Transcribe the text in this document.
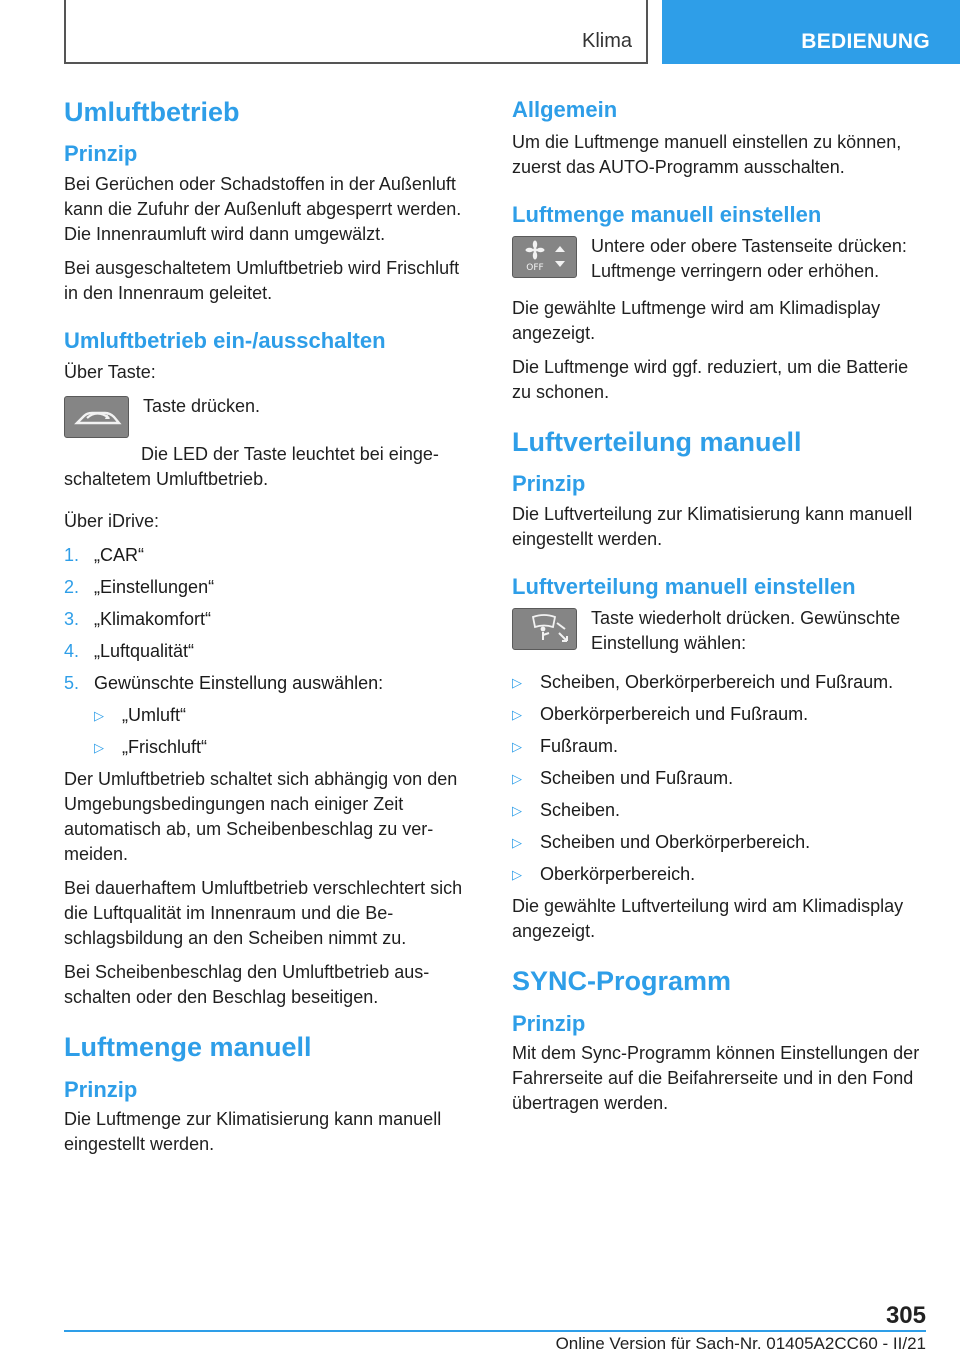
Klima	BEDIENUNG
Umluftbetrieb
Prinzip

Bei Gerüchen oder Schadstoffen in der Außenluft kann die Zufuhr der Außenluft abgesperrt werden. Die Innenraumluft wird dann umgewälzt.

Bei ausgeschaltetem Umluftbetrieb wird Frischluft in den Innenraum geleitet.

Umluftbetrieb ein-/ausschalten

Über Taste:

Taste drücken.

Die LED der Taste leuchtet bei eingeschaltetem Umluftbetrieb.

Über iDrive:

1. „CAR“
2. „Einstellungen“
3. „Klimakomfort“
4. „Luftqualität“
5. Gewünschte Einstellung auswählen:
▷	„Umluft“
▷	„Frischluft“

Der Umluftbetrieb schaltet sich abhängig von den Umgebungsbedingungen nach einiger Zeit automatisch ab, um Scheibenbeschlag zu vermeiden.

Bei dauerhaftem Umluftbetrieb verschlechtert sich die Luftqualität im Innenraum und die Beschlagsbildung an den Scheiben nimmt zu.

Bei Scheibenbeschlag den Umluftbetrieb ausschalten oder den Beschlag beseitigen.

Luftmenge manuell
Prinzip

Die Luftmenge zur Klimatisierung kann manuell eingestellt werden.

Allgemein

Um die Luftmenge manuell einstellen zu können, zuerst das AUTO-Programm ausschalten.

Luftmenge manuell einstellen
OFF
Untere oder obere Tastenseite drücken: Luftmenge verringern oder erhöhen.

Die gewählte Luftmenge wird am Klimadisplay angezeigt.

Die Luftmenge wird ggf. reduziert, um die Batterie zu schonen.

Luftverteilung manuell
Prinzip

Die Luftverteilung zur Klimatisierung kann manuell eingestellt werden.

Luftverteilung manuell einstellen
Taste wiederholt drücken. Gewünschte Einstellung wählen:
▷	Scheiben, Oberkörperbereich und Fußraum.
▷	Oberkörperbereich und Fußraum.
▷	Fußraum.
▷	Scheiben und Fußraum.
▷	Scheiben.
▷	Scheiben und Oberkörperbereich.
▷	Oberkörperbereich.

Die gewählte Luftverteilung wird am Klimadisplay angezeigt.

SYNC-Programm
Prinzip

Mit dem Sync-Programm können Einstellungen der Fahrerseite auf die Beifahrerseite und in den Fond übertragen werden.

305
Online Version für Sach-Nr. 01405A2CC60 - II/21
